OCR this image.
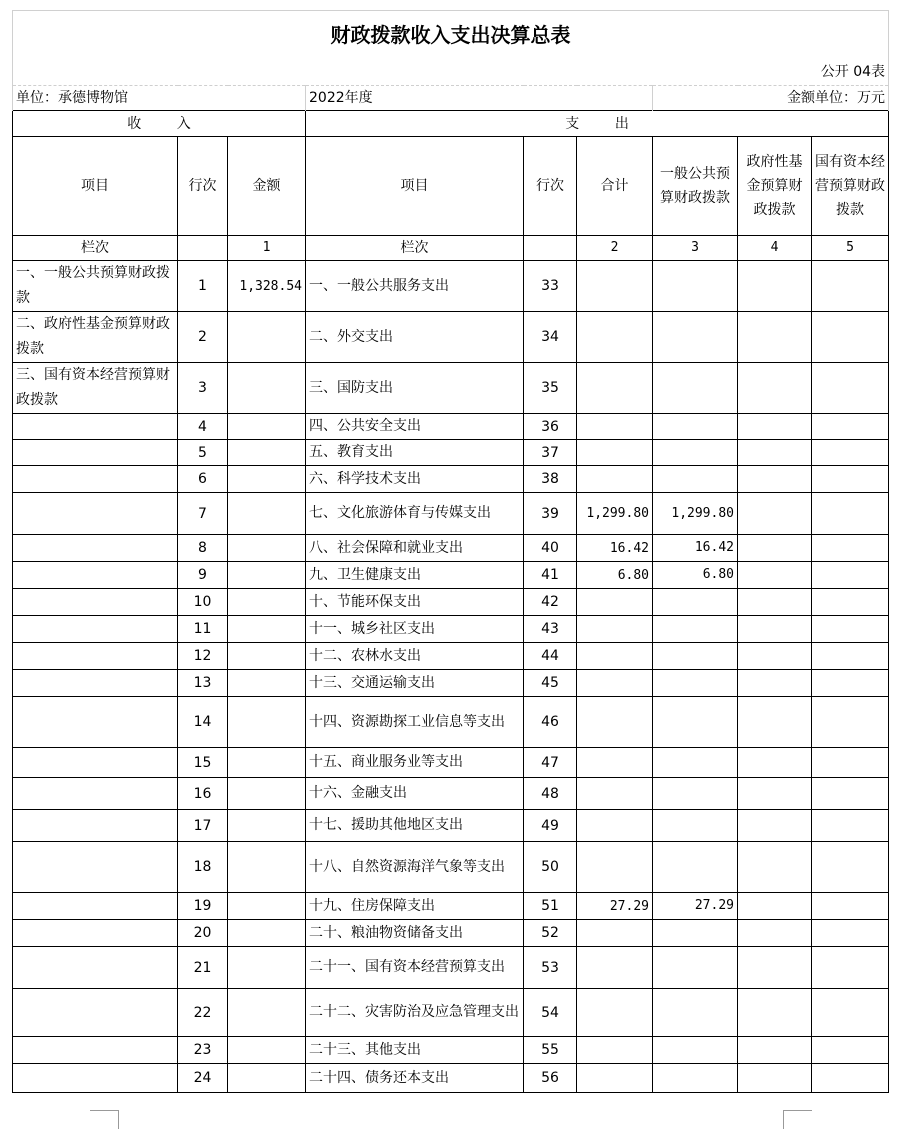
财政拨款收入支出决算总表								
公开 04表								
单位：承德博物馆			2022年度			金额单位：万元		
收        入			支        出					
项目	行次	金额	项目	行次	合计	一般公共预算财政拨款	政府性基金预算财政拨款	国有资本经营预算财政拨款
栏次		1	栏次		2	3	4	5
一、一般公共预算财政拨款	1	1,328.54	一、一般公共服务支出	33				
二、政府性基金预算财政拨款	2		二、外交支出	34				
三、国有资本经营预算财政拨款	3		三、国防支出	35				
	4		四、公共安全支出	36				
	5		五、教育支出	37				
	6		六、科学技术支出	38				
	7		七、文化旅游体育与传媒支出	39	1,299.80	1,299.80		
	8		八、社会保障和就业支出	40	16.42	16.42		
	9		九、卫生健康支出	41	6.80	6.80		
	10		十、节能环保支出	42				
	11		十一、城乡社区支出	43				
	12		十二、农林水支出	44				
	13		十三、交通运输支出	45				
	14		十四、资源勘探工业信息等支出	46				
	15		十五、商业服务业等支出	47				
	16		十六、金融支出	48				
	17		十七、援助其他地区支出	49				
	18		十八、自然资源海洋气象等支出	50				
	19		十九、住房保障支出	51	27.29	27.29		
	20		二十、粮油物资储备支出	52				
	21		二十一、国有资本经营预算支出	53				
	22		二十二、灾害防治及应急管理支出	54				
	23		二十三、其他支出	55				
	24		二十四、债务还本支出	56				
